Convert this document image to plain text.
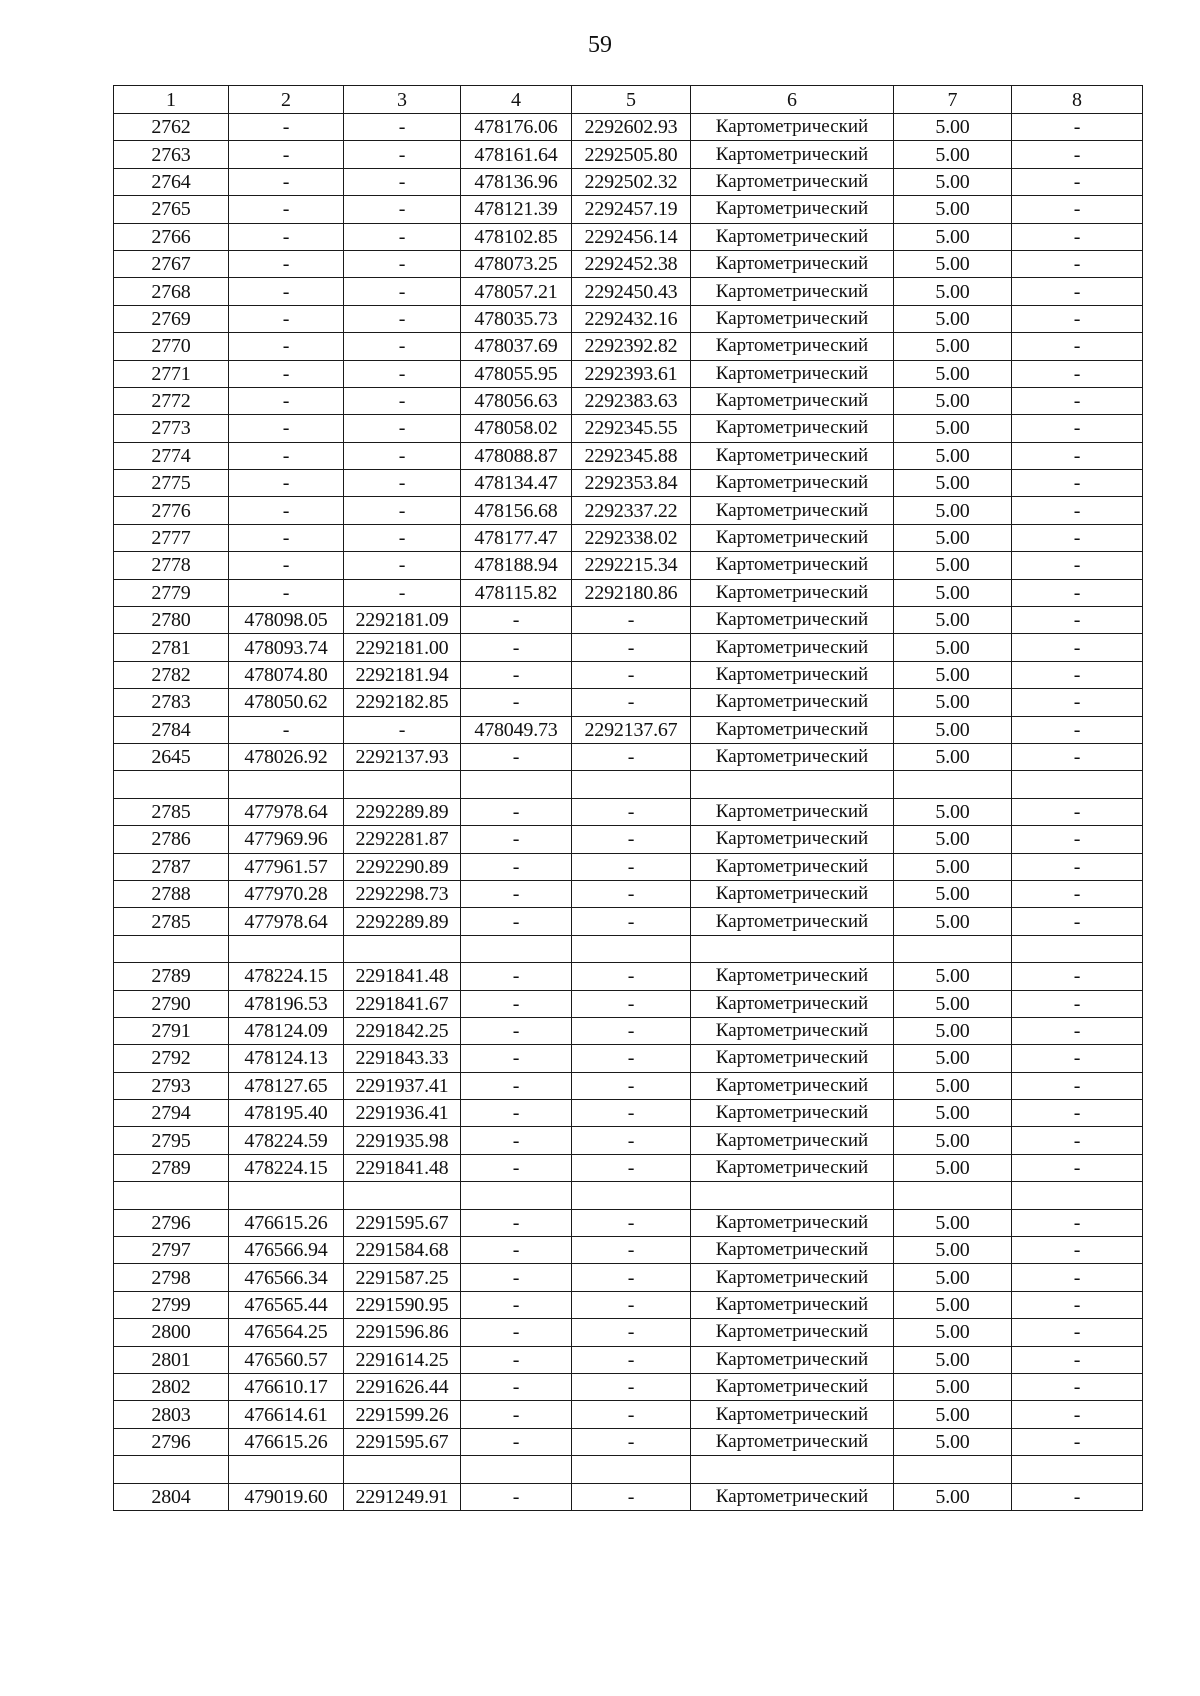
59
1	2	3	4	5	6	7	8
2762	-	-	478176.06	2292602.93	Картометрический	5.00	-
2763	-	-	478161.64	2292505.80	Картометрический	5.00	-
2764	-	-	478136.96	2292502.32	Картометрический	5.00	-
2765	-	-	478121.39	2292457.19	Картометрический	5.00	-
2766	-	-	478102.85	2292456.14	Картометрический	5.00	-
2767	-	-	478073.25	2292452.38	Картометрический	5.00	-
2768	-	-	478057.21	2292450.43	Картометрический	5.00	-
2769	-	-	478035.73	2292432.16	Картометрический	5.00	-
2770	-	-	478037.69	2292392.82	Картометрический	5.00	-
2771	-	-	478055.95	2292393.61	Картометрический	5.00	-
2772	-	-	478056.63	2292383.63	Картометрический	5.00	-
2773	-	-	478058.02	2292345.55	Картометрический	5.00	-
2774	-	-	478088.87	2292345.88	Картометрический	5.00	-
2775	-	-	478134.47	2292353.84	Картометрический	5.00	-
2776	-	-	478156.68	2292337.22	Картометрический	5.00	-
2777	-	-	478177.47	2292338.02	Картометрический	5.00	-
2778	-	-	478188.94	2292215.34	Картометрический	5.00	-
2779	-	-	478115.82	2292180.86	Картометрический	5.00	-
2780	478098.05	2292181.09	-	-	Картометрический	5.00	-
2781	478093.74	2292181.00	-	-	Картометрический	5.00	-
2782	478074.80	2292181.94	-	-	Картометрический	5.00	-
2783	478050.62	2292182.85	-	-	Картометрический	5.00	-
2784	-	-	478049.73	2292137.67	Картометрический	5.00	-
2645	478026.92	2292137.93	-	-	Картометрический	5.00	-

2785	477978.64	2292289.89	-	-	Картометрический	5.00	-
2786	477969.96	2292281.87	-	-	Картометрический	5.00	-
2787	477961.57	2292290.89	-	-	Картометрический	5.00	-
2788	477970.28	2292298.73	-	-	Картометрический	5.00	-
2785	477978.64	2292289.89	-	-	Картометрический	5.00	-

2789	478224.15	2291841.48	-	-	Картометрический	5.00	-
2790	478196.53	2291841.67	-	-	Картометрический	5.00	-
2791	478124.09	2291842.25	-	-	Картометрический	5.00	-
2792	478124.13	2291843.33	-	-	Картометрический	5.00	-
2793	478127.65	2291937.41	-	-	Картометрический	5.00	-
2794	478195.40	2291936.41	-	-	Картометрический	5.00	-
2795	478224.59	2291935.98	-	-	Картометрический	5.00	-
2789	478224.15	2291841.48	-	-	Картометрический	5.00	-

2796	476615.26	2291595.67	-	-	Картометрический	5.00	-
2797	476566.94	2291584.68	-	-	Картометрический	5.00	-
2798	476566.34	2291587.25	-	-	Картометрический	5.00	-
2799	476565.44	2291590.95	-	-	Картометрический	5.00	-
2800	476564.25	2291596.86	-	-	Картометрический	5.00	-
2801	476560.57	2291614.25	-	-	Картометрический	5.00	-
2802	476610.17	2291626.44	-	-	Картометрический	5.00	-
2803	476614.61	2291599.26	-	-	Картометрический	5.00	-
2796	476615.26	2291595.67	-	-	Картометрический	5.00	-

2804	479019.60	2291249.91	-	-	Картометрический	5.00	-
